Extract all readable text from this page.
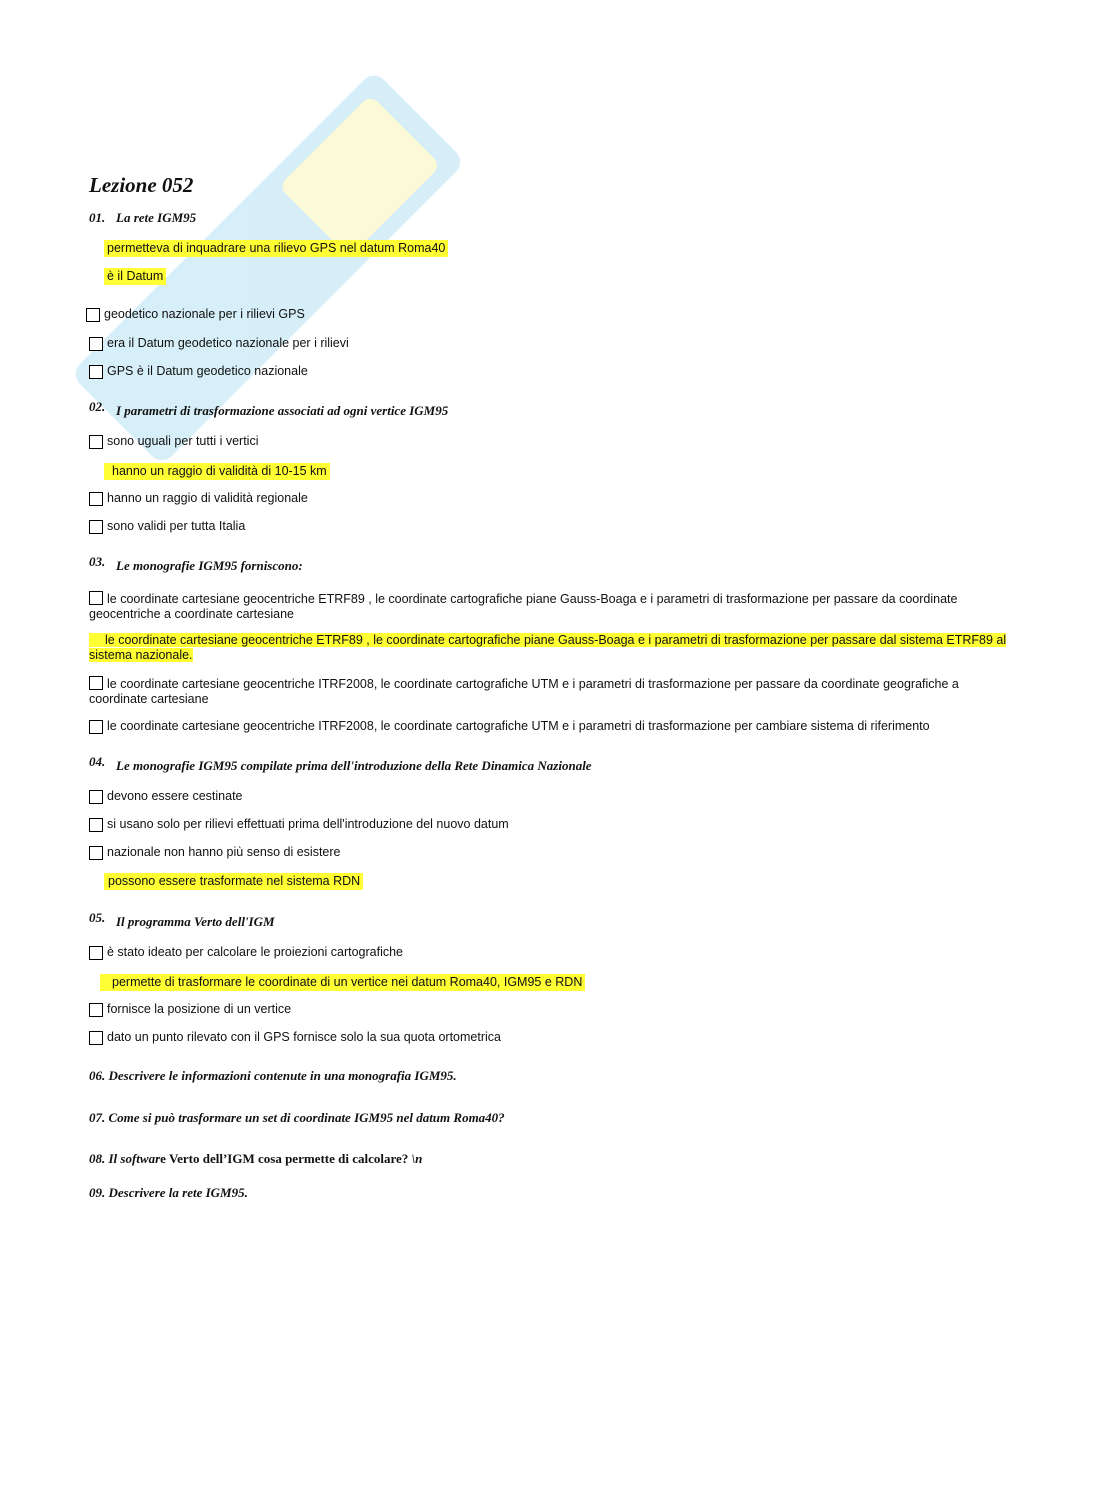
Lezione 052
01. La rete IGM95
permetteva di inquadrare una rilievo GPS nel datum Roma40
è il Datum
geodetico nazionale per i rilievi GPS
era il Datum geodetico nazionale per i rilievi
GPS è il Datum geodetico nazionale
02. I parametri di trasformazione associati ad ogni vertice IGM95
sono uguali per tutti i vertici
hanno un raggio di validità di 10-15 km
hanno un raggio di validità regionale
sono validi per tutta Italia
03. Le monografie IGM95 forniscono:
le coordinate cartesiane geocentriche ETRF89 , le coordinate cartografiche piane Gauss-Boaga e i parametri di trasformazione per passare da coordinate geocentriche a coordinate cartesiane
le coordinate cartesiane geocentriche ETRF89 , le coordinate cartografiche piane Gauss-Boaga e i parametri di trasformazione per passare dal sistema ETRF89 al sistema nazionale.
le coordinate cartesiane geocentriche ITRF2008, le coordinate cartografiche UTM e i parametri di trasformazione per passare da coordinate geografiche a coordinate cartesiane
le coordinate cartesiane geocentriche ITRF2008, le coordinate cartografiche UTM e i parametri di trasformazione per cambiare sistema di riferimento
04. Le monografie IGM95 compilate prima dell'introduzione della Rete Dinamica Nazionale
devono essere cestinate
si usano solo per rilievi effettuati prima dell'introduzione del nuovo datum
nazionale non hanno più senso di esistere
possono essere trasformate nel sistema RDN
05. Il programma Verto dell'IGM
è stato ideato per calcolare le proiezioni cartografiche
permette di trasformare le coordinate di un vertice nei datum Roma40, IGM95 e RDN
fornisce la posizione di un vertice
dato un punto rilevato con il GPS fornisce solo la sua quota ortometrica
06. Descrivere le informazioni contenute in una monografia IGM95.
07. Come si può trasformare un set di coordinate IGM95 nel datum Roma40?
08. Il software Verto dell’IGM cosa permette di calcolare? \n
09. Descrivere la rete IGM95.
